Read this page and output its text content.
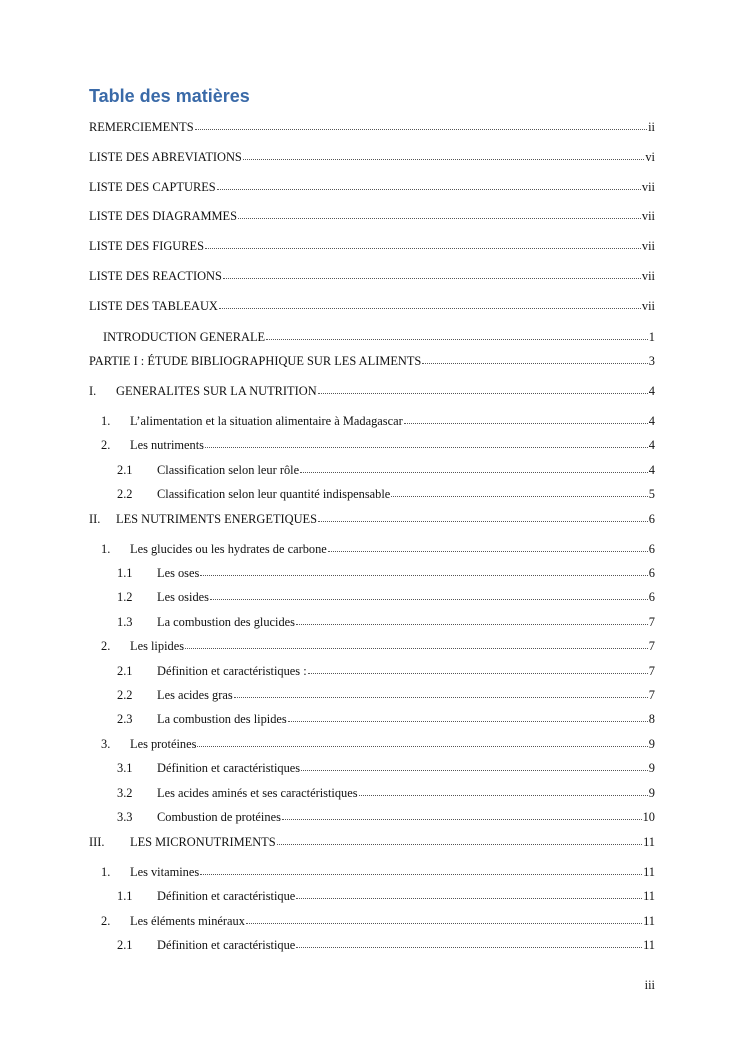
Table des matières
REMERCIEMENTS	ii
LISTE DES ABREVIATIONS	vi
LISTE DES CAPTURES	vii
LISTE DES DIAGRAMMES	vii
LISTE DES FIGURES	vii
LISTE DES REACTIONS	vii
LISTE DES TABLEAUX	vii
INTRODUCTION GENERALE	1
PARTIE I : ÉTUDE BIBLIOGRAPHIQUE SUR LES ALIMENTS	3
I.	GENERALITES SUR LA NUTRITION	4
1.	L’alimentation et la situation alimentaire à Madagascar	4
2.	Les nutriments	4
2.1	Classification selon leur rôle	4
2.2	Classification selon leur quantité indispensable	5
II.	LES NUTRIMENTS ENERGETIQUES	6
1.	Les glucides ou les hydrates de carbone	6
1.1	Les oses	6
1.2	Les osides	6
1.3	La combustion des glucides	7
2.	Les lipides	7
2.1	Définition et caractéristiques :	7
2.2	Les acides gras	7
2.3	La combustion des lipides	8
3.	Les protéines	9
3.1	Définition et caractéristiques	9
3.2	Les acides aminés et ses caractéristiques	9
3.3	Combustion de protéines	10
III.	LES MICRONUTRIMENTS	11
1.	Les vitamines	11
1.1	Définition et caractéristique	11
2.	Les éléments minéraux	11
2.1	Définition et caractéristique	11
iii
